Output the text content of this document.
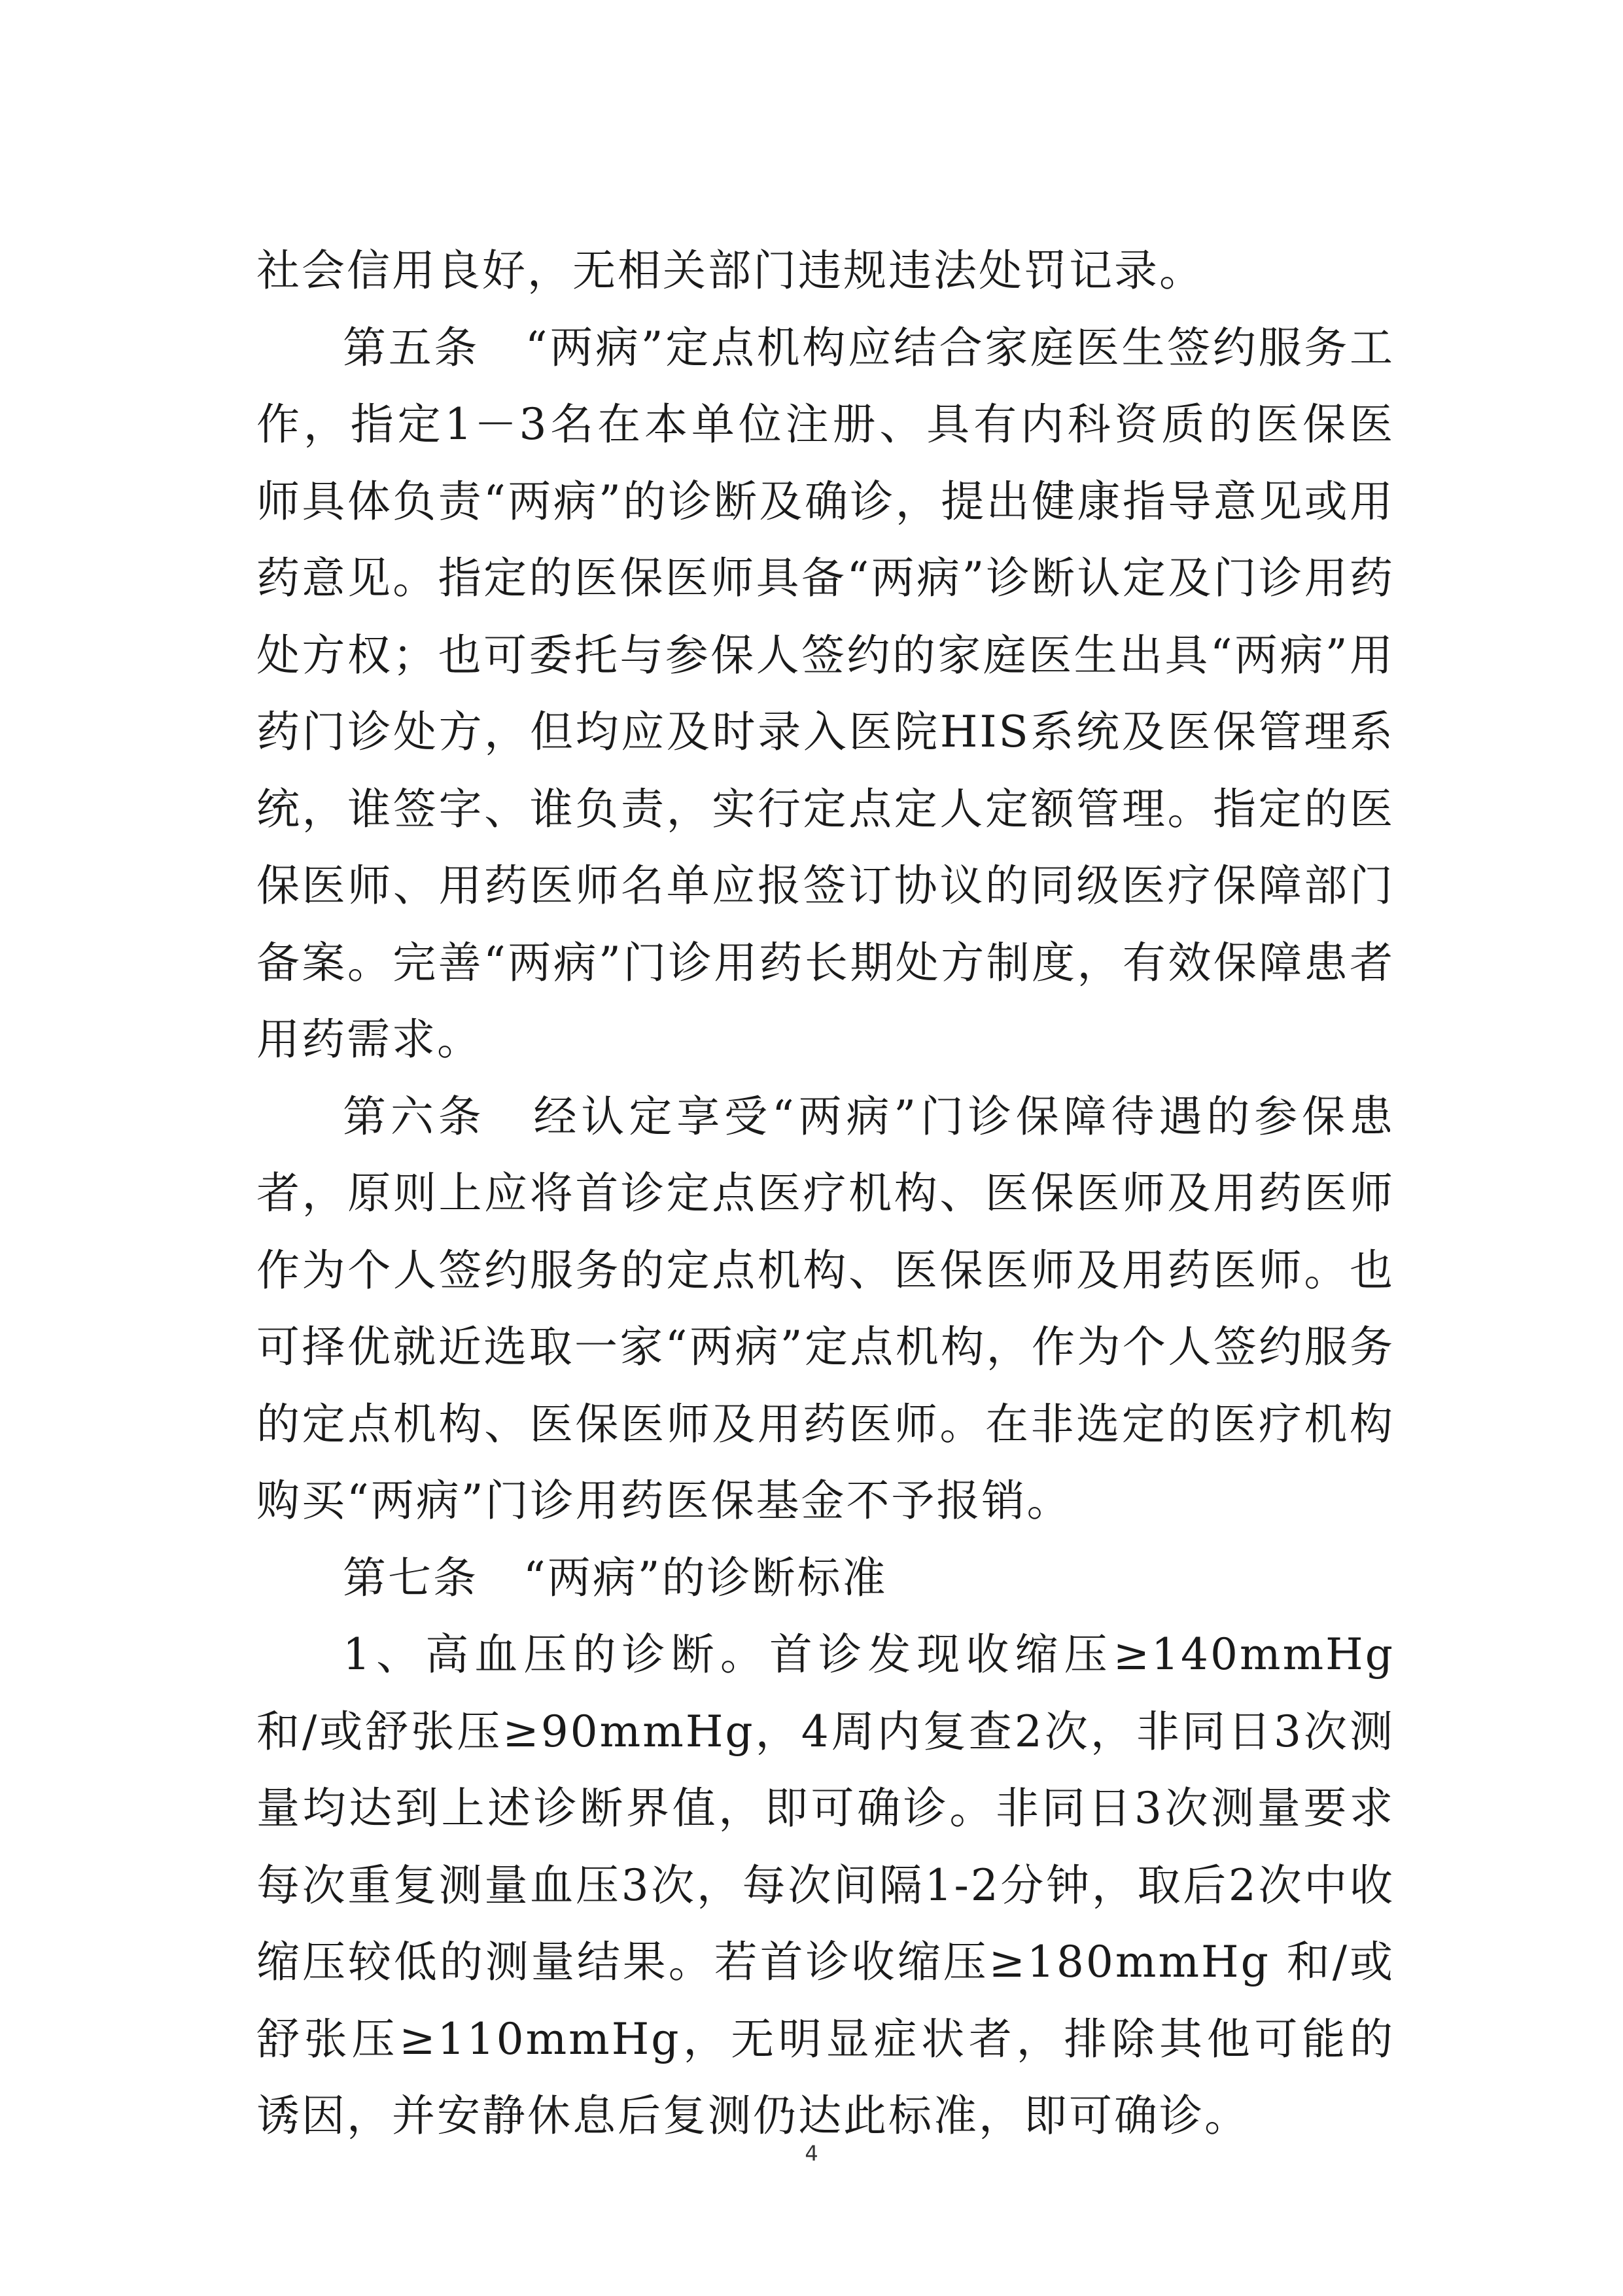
社会信用良好，无相关部门违规违法处罚记录。

第五条　“两病”定点机构应结合家庭医生签约服务工作，指定1－3名在本单位注册、具有内科资质的医保医师具体负责“两病”的诊断及确诊，提出健康指导意见或用药意见。指定的医保医师具备“两病”诊断认定及门诊用药处方权；也可委托与参保人签约的家庭医生出具“两病”用药门诊处方，但均应及时录入医院HIS系统及医保管理系统，谁签字、谁负责，实行定点定人定额管理。指定的医保医师、用药医师名单应报签订协议的同级医疗保障部门备案。完善“两病”门诊用药长期处方制度，有效保障患者用药需求。

第六条　经认定享受“两病”门诊保障待遇的参保患者，原则上应将首诊定点医疗机构、医保医师及用药医师作为个人签约服务的定点机构、医保医师及用药医师。也可择优就近选取一家“两病”定点机构，作为个人签约服务的定点机构、医保医师及用药医师。在非选定的医疗机构购买“两病”门诊用药医保基金不予报销。

第七条　“两病”的诊断标准

1、高血压的诊断。首诊发现收缩压≥140mmHg 和/或舒张压≥90mmHg，4周内复查2次，非同日3次测量均达到上述诊断界值，即可确诊。非同日3次测量要求每次重复测量血压3次，每次间隔1-2分钟，取后2次中收缩压较低的测量结果。若首诊收缩压≥180mmHg 和/或舒张压≥110mmHg，无明显症状者，排除其他可能的诱因，并安静休息后复测仍达此标准，即可确诊。

4
